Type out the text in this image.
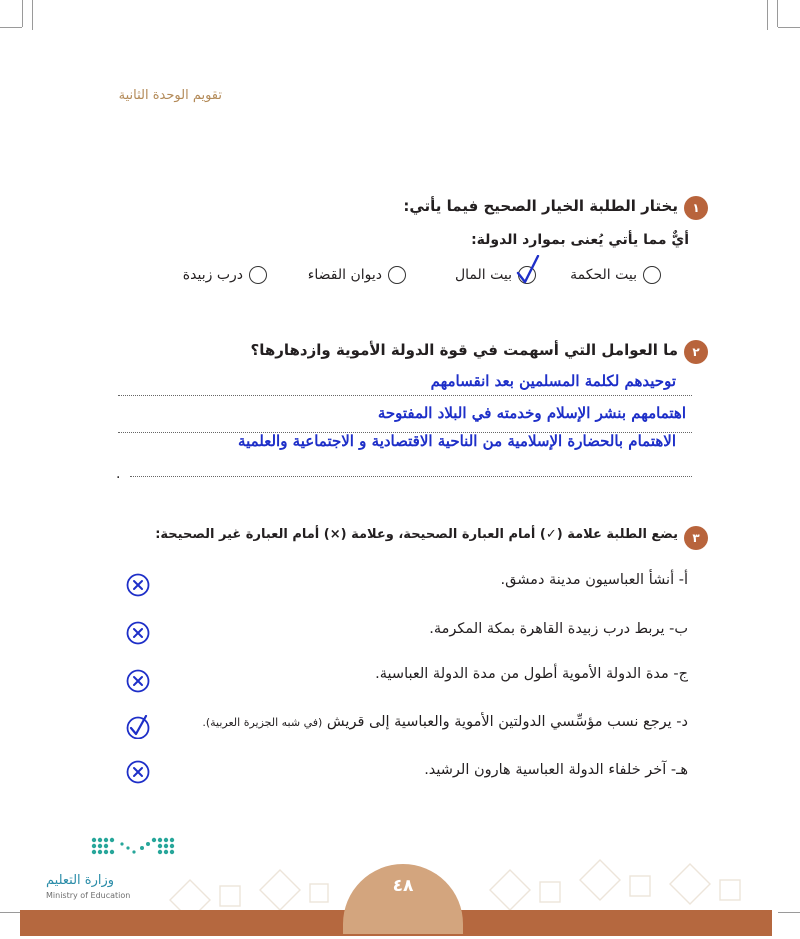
تقويم الوحدة الثانية
١
يختار الطلبة الخيار الصحيح فيما يأتي:
أيٌّ مما يأتي يُعنى بموارد الدولة:
بيت الحكمة
بيت المال
ديوان القضاء
درب زبيدة
٢
ما العوامل التي أسهمت في قوة الدولة الأموية وازدهارها؟
.
توحيدهم لكلمة المسلمين بعد انقسامهم
اهتمامهم بنشر الإسلام وخدمته في البلاد المفتوحة
الاهتمام بالحضارة الإسلامية من الناحية الاقتصادية و الاجتماعية والعلمية
٣
يضع الطلبة علامة (✓) أمام العبارة الصحيحة، وعلامة (×) أمام العبارة غير الصحيحة:
أ- أنشأ العباسيون مدينة دمشق.
ب- يربط درب زبيدة القاهرة بمكة المكرمة.
ج- مدة الدولة الأموية أطول من مدة الدولة العباسية.
د- يرجع نسب مؤسِّسي الدولتين الأموية والعباسية إلى قريش (في شبه الجزيرة العربية).
هـ- آخر خلفاء الدولة العباسية هارون الرشيد.
٤٨
وزارة التعليم
Ministry of Education
2022 - 1444
